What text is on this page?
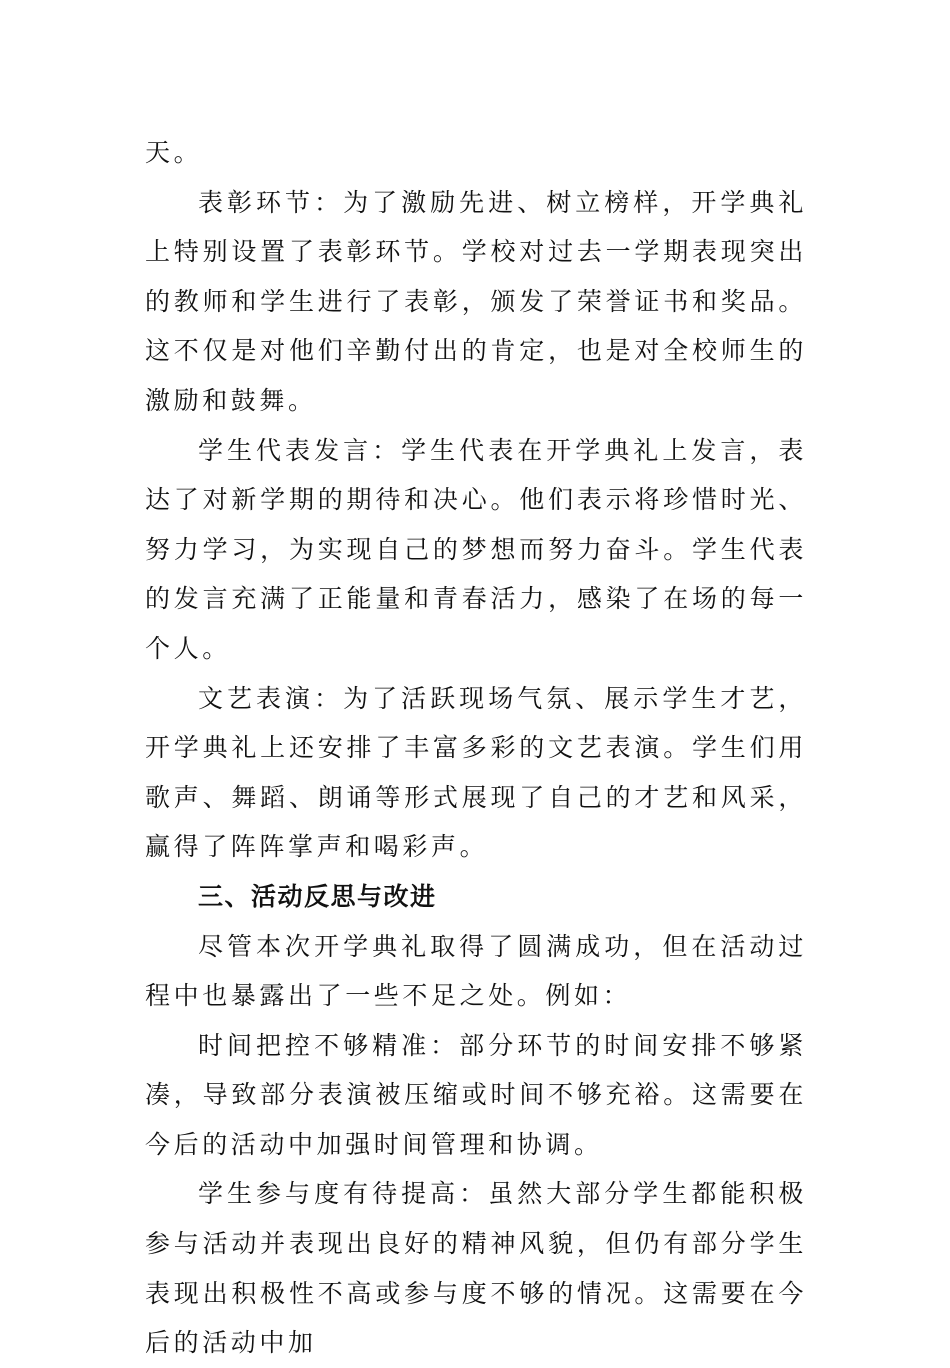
天。

表彰环节：为了激励先进、树立榜样，开学典礼上特别设置了表彰环节。学校对过去一学期表现突出的教师和学生进行了表彰，颁发了荣誉证书和奖品。这不仅是对他们辛勤付出的肯定，也是对全校师生的激励和鼓舞。

学生代表发言：学生代表在开学典礼上发言，表达了对新学期的期待和决心。他们表示将珍惜时光、努力学习，为实现自己的梦想而努力奋斗。学生代表的发言充满了正能量和青春活力，感染了在场的每一个人。

文艺表演：为了活跃现场气氛、展示学生才艺，开学典礼上还安排了丰富多彩的文艺表演。学生们用歌声、舞蹈、朗诵等形式展现了自己的才艺和风采，赢得了阵阵掌声和喝彩声。

三、活动反思与改进

尽管本次开学典礼取得了圆满成功，但在活动过程中也暴露出了一些不足之处。例如：

时间把控不够精准：部分环节的时间安排不够紧凑，导致部分表演被压缩或时间不够充裕。这需要在今后的活动中加强时间管理和协调。

学生参与度有待提高：虽然大部分学生都能积极参与活动并表现出良好的精神风貌，但仍有部分学生表现出积极性不高或参与度不够的情况。这需要在今后的活动中加
